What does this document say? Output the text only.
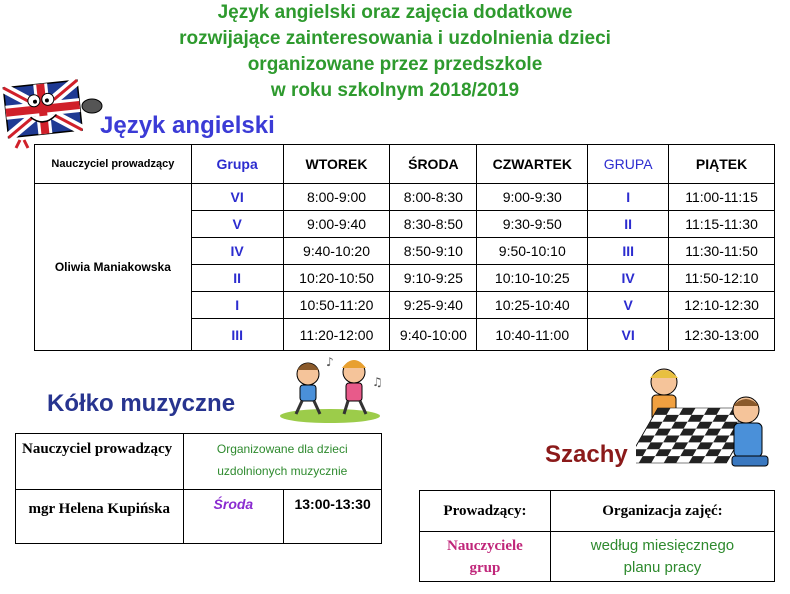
Język angielski oraz zajęcia dodatkowe
rozwijające zainteresowania i uzdolnienia dzieci
organizowane przez przedszkole
w roku szkolnym 2018/2019
Język angielski
Nauczyciel prowadzący	Grupa	WTOREK	ŚRODA	CZWARTEK	GRUPA	PIĄTEK
Oliwia Maniakowska	VI	8:00-9:00	8:00-8:30	9:00-9:30	I	11:00-11:15
	V	9:00-9:40	8:30-8:50	9:30-9:50	II	11:15-11:30
	IV	9:40-10:20	8:50-9:10	9:50-10:10	III	11:30-11:50
	II	10:20-10:50	9:10-9:25	10:10-10:25	IV	11:50-12:10
	I	10:50-11:20	9:25-9:40	10:25-10:40	V	12:10-12:30
	III	11:20-12:00	9:40-10:00	10:40-11:00	VI	12:30-13:00
♪
♫
Kółko muzyczne
Nauczyciel prowadzący	Organizowane dla dzieci uzdolnionych muzycznie	
mgr Helena Kupińska	Środa	13:00-13:30
Szachy
Prowadzący:	Organizacja zajęć:
Nauczyciele grup	według miesięcznego planu pracy
